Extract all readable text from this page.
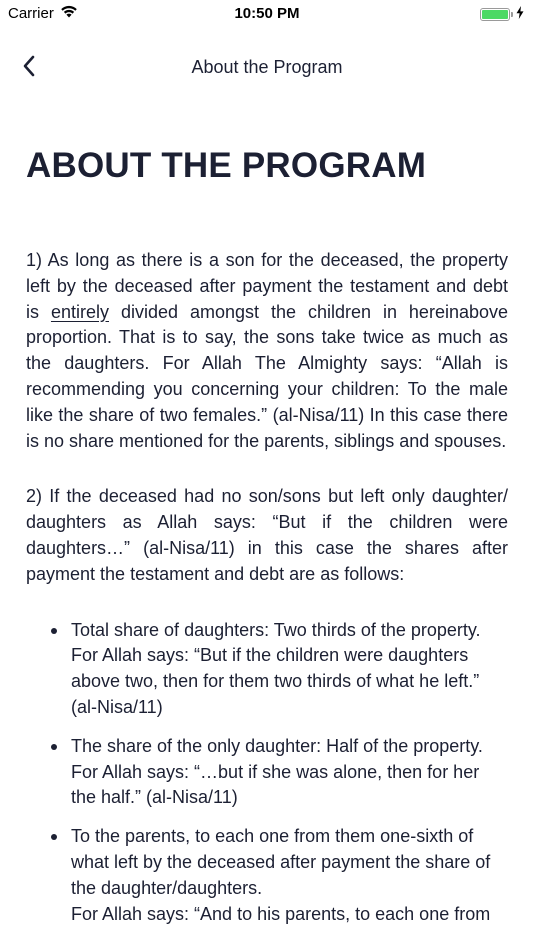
Carrier	10:50 PM
About the Program
ABOUT THE PROGRAM

1) As long as there is a son for the deceased, the property left by the deceased after payment the testament and debt is entirely divided amongst the children in hereinabove proportion. That is to say, the sons take twice as much as the daughters. For Allah The Almighty says: “Allah is recommending you concerning your children: To the male like the share of two females.” (al-Nisa/11) In this case there is no share mentioned for the parents, siblings and spouses.

2) If the deceased had no son/sons but left only daughter/ daughters as Allah says: “But if the children were daughters…” (al-Nisa/11) in this case the shares after payment the testament and debt are as follows:

Total share of daughters: Two thirds of the property.
For Allah says: “But if the children were daughters above two, then for them two thirds of what he left.” (al-Nisa/11)
The share of the only daughter: Half of the property.
For Allah says: “…but if she was alone, then for her the half.” (al-Nisa/11)
To the parents, to each one from them one-sixth of what left by the deceased after payment the share of the daughter/daughters.
For Allah says: “And to his parents, to each one from
